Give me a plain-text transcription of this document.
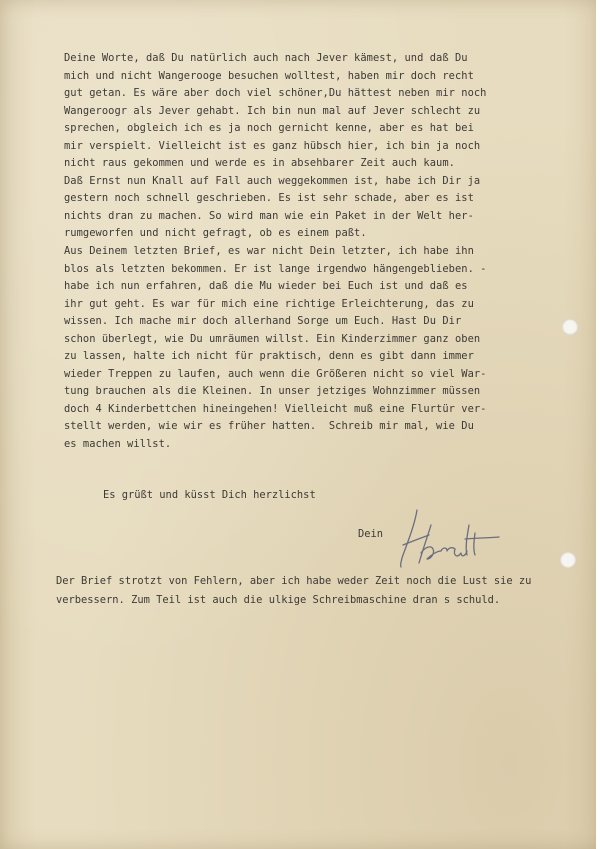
Deine Worte, daß Du natürlich auch nach Jever kämest, und daß Du
mich und nicht Wangerooge besuchen wolltest, haben mir doch recht
gut getan. Es wäre aber doch viel schöner,Du hättest neben mir noch
Wangeroogr als Jever gehabt. Ich bin nun mal auf Jever schlecht zu
sprechen, obgleich ich es ja noch gernicht kenne, aber es hat bei
mir verspielt. Vielleicht ist es ganz hübsch hier, ich bin ja noch
nicht raus gekommen und werde es in absehbarer Zeit auch kaum.
Daß Ernst nun Knall auf Fall auch weggekommen ist, habe ich Dir ja
gestern noch schnell geschrieben. Es ist sehr schade, aber es ist
nichts dran zu machen. So wird man wie ein Paket in der Welt her-
rumgeworfen und nicht gefragt, ob es einem paßt.
Aus Deinem letzten Brief, es war nicht Dein letzter, ich habe ihn
blos als letzten bekommen. Er ist lange irgendwo hängengeblieben. -
habe ich nun erfahren, daß die Mu wieder bei Euch ist und daß es
ihr gut geht. Es war für mich eine richtige Erleichterung, das zu
wissen. Ich mache mir doch allerhand Sorge um Euch. Hast Du Dir
schon überlegt, wie Du umräumen willst. Ein Kinderzimmer ganz oben
zu lassen, halte ich nicht für praktisch, denn es gibt dann immer
wieder Treppen zu laufen, auch wenn die Größeren nicht so viel War-
tung brauchen als die Kleinen. In unser jetziges Wohnzimmer müssen
doch 4 Kinderbettchen hineingehen! Vielleicht muß eine Flurtür ver-
stellt werden, wie wir es früher hatten.  Schreib mir mal, wie Du
es machen willst.
Es grüßt und küsst Dich herzlichst
Dein
Der Brief strotzt von Fehlern, aber ich habe weder Zeit noch die Lust sie zu verbessern. Zum Teil ist auch die ulkige Schreibmaschine dran s schuld.
